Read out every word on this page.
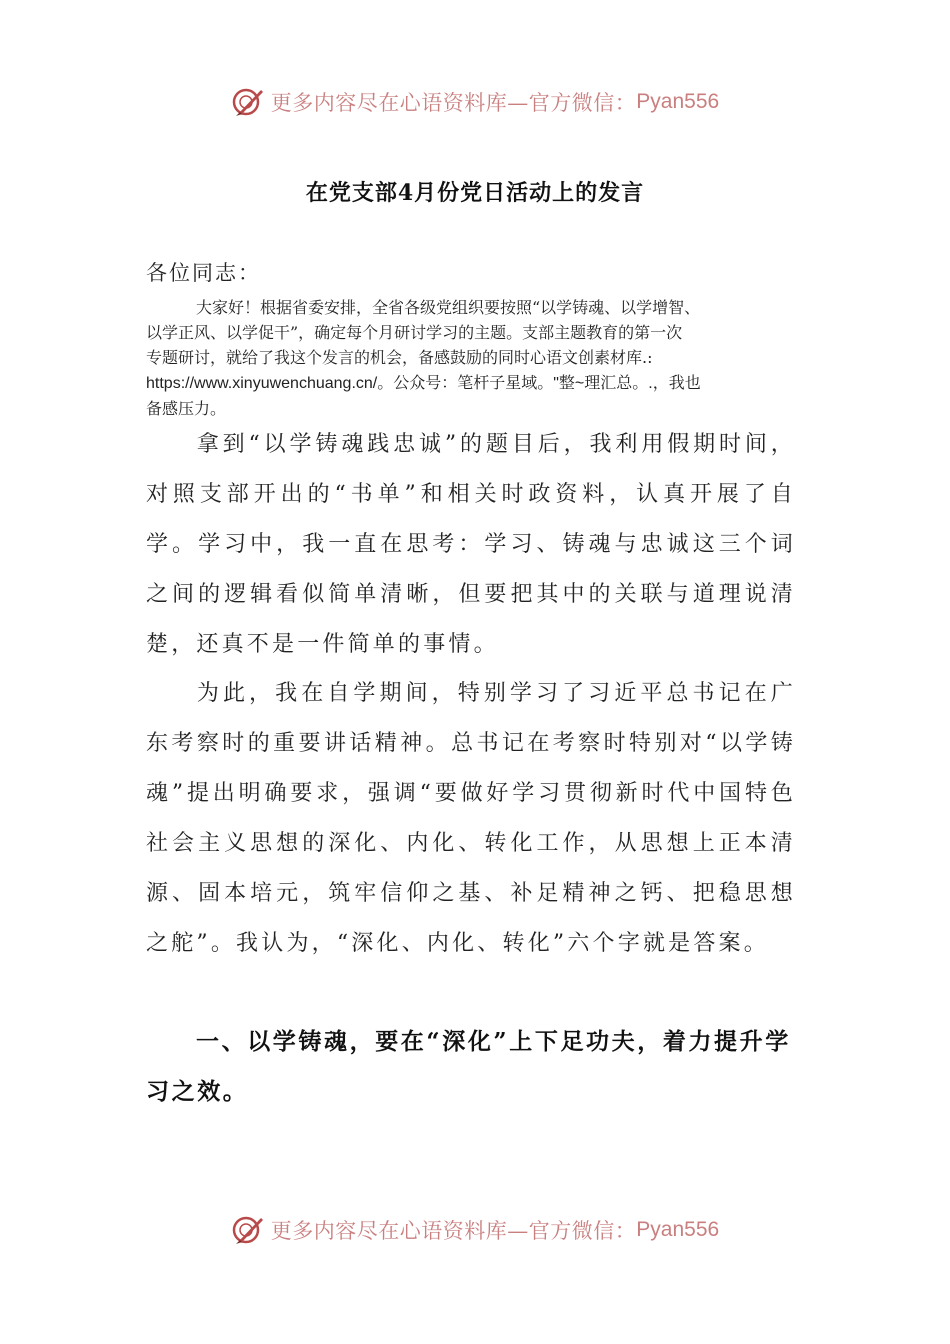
更多内容尽在心语资料库—官方微信： Pyan556
在党支部4月份党日活动上的发言

各位同志：

大家好！根据省委安排，全省各级党组织要按照“以学铸魂、以学增智、
以学正风、以学促干”，确定每个月研讨学习的主题。支部主题教育的第一次
专题研讨，就给了我这个发言的机会，备感鼓励的同时心语文创素材库.:
https://www.xinyuwenchuang.cn/。公众号：笔杆子星域。"整~理汇总。.，我也
备感压力。

拿到“以学铸魂践忠诚”的题目后，我利用假期时间，对照支部开出的“书单”和相关时政资料，认真开展了自学。学习中，我一直在思考：学习、铸魂与忠诚这三个词之间的逻辑看似简单清晰，但要把其中的关联与道理说清楚，还真不是一件简单的事情。

为此，我在自学期间，特别学习了习近平总书记在广东考察时的重要讲话精神。总书记在考察时特别对“以学铸魂”提出明确要求，强调“要做好学习贯彻新时代中国特色社会主义思想的深化、内化、转化工作，从思想上正本清源、固本培元，筑牢信仰之基、补足精神之钙、把稳思想之舵”。我认为，“深化、内化、转化”六个字就是答案。

一、以学铸魂，要在“深化”上下足功夫，着力提升学习之效。

更多内容尽在心语资料库—官方微信： Pyan556
